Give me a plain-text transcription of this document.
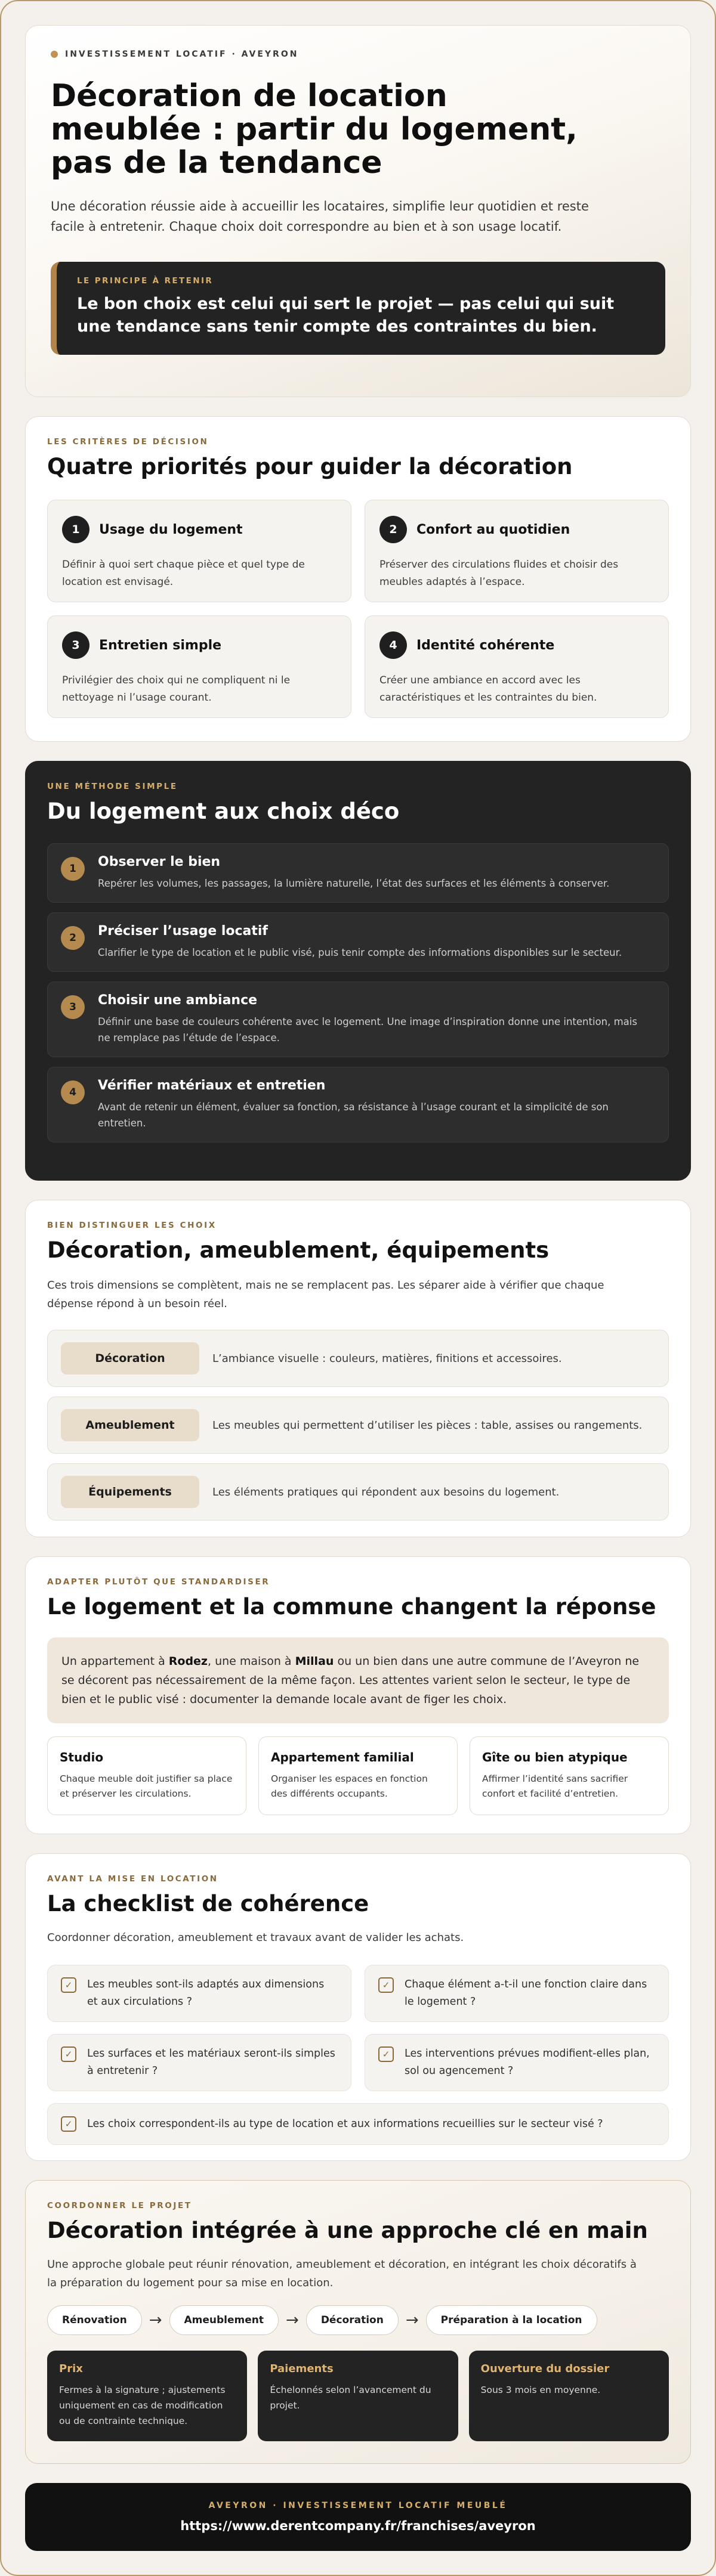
INVESTISSEMENT LOCATIF · AVEYRON
Décoration de location meublée : partir du logement, pas de la tendance

Une décoration réussie aide à accueillir les locataires, simplifie leur quotidien et reste facile à entretenir. Chaque choix doit correspondre au bien et à son usage locatif.

LE PRINCIPE À RETENIR
Le bon choix est celui qui sert le projet — pas celui qui suit une tendance sans tenir compte des contraintes du bien.
LES CRITÈRES DE DÉCISION
Quatre priorités pour guider la décoration
1	Usage du logement

Définir à quoi sert chaque pièce et quel type de location est envisagé.

2	Confort au quotidien

Préserver des circulations fluides et choisir des meubles adaptés à l’espace.

3	Entretien simple

Privilégier des choix qui ne compliquent ni le nettoyage ni l’usage courant.

4	Identité cohérente

Créer une ambiance en accord avec les caractéristiques et les contraintes du bien.

UNE MÉTHODE SIMPLE
Du logement aux choix déco
1	Observer le bien
Repérer les volumes, les passages, la lumière naturelle, l’état des surfaces et les éléments à conserver.
2	Préciser l’usage locatif
Clarifier le type de location et le public visé, puis tenir compte des informations disponibles sur le secteur.
3	Choisir une ambiance
Définir une base de couleurs cohérente avec le logement. Une image d’inspiration donne une intention, mais ne remplace pas l’étude de l’espace.
4	Vérifier matériaux et entretien
Avant de retenir un élément, évaluer sa fonction, sa résistance à l’usage courant et la simplicité de son entretien.
BIEN DISTINGUER LES CHOIX
Décoration, ameublement, équipements

Ces trois dimensions se complètent, mais ne se remplacent pas. Les séparer aide à vérifier que chaque dépense répond à un besoin réel.

Décoration	L’ambiance visuelle : couleurs, matières, finitions et accessoires.
Ameublement	Les meubles qui permettent d’utiliser les pièces : table, assises ou rangements.
Équipements	Les éléments pratiques qui répondent aux besoins du logement.
ADAPTER PLUTÔT QUE STANDARDISER
Le logement et la commune changent la réponse
Un appartement à Rodez, une maison à Millau ou un bien dans une autre commune de l’Aveyron ne se décorent pas nécessairement de la même façon. Les attentes varient selon le secteur, le type de bien et le public visé : documenter la demande locale avant de figer les choix.
Studio
Chaque meuble doit justifier sa place et préserver les circulations.
Appartement familial
Organiser les espaces en fonction des différents occupants.
Gîte ou bien atypique
Affirmer l’identité sans sacrifier confort et facilité d’entretien.
AVANT LA MISE EN LOCATION
La checklist de cohérence

Coordonner décoration, ameublement et travaux avant de valider les achats.

✓	Les meubles sont-ils adaptés aux dimensions et aux circulations ?
✓	Chaque élément a-t-il une fonction claire dans le logement ?
✓	Les surfaces et les matériaux seront-ils simples à entretenir ?
✓	Les interventions prévues modifient-elles plan, sol ou agencement ?
✓	Les choix correspondent-ils au type de location et aux informations recueillies sur le secteur visé ?
COORDONNER LE PROJET
Décoration intégrée à une approche clé en main

Une approche globale peut réunir rénovation, ameublement et décoration, en intégrant les choix décoratifs à la préparation du logement pour sa mise en location.

Rénovation	→	Ameublement	→	Décoration	→	Préparation à la location
Prix
Fermes à la signature ; ajustements uniquement en cas de modification ou de contrainte technique.
Paiements
Échelonnés selon l’avancement du projet.
Ouverture du dossier
Sous 3 mois en moyenne.
AVEYRON · INVESTISSEMENT LOCATIF MEUBLÉ
https://www.derentcompany.fr/franchises/aveyron
